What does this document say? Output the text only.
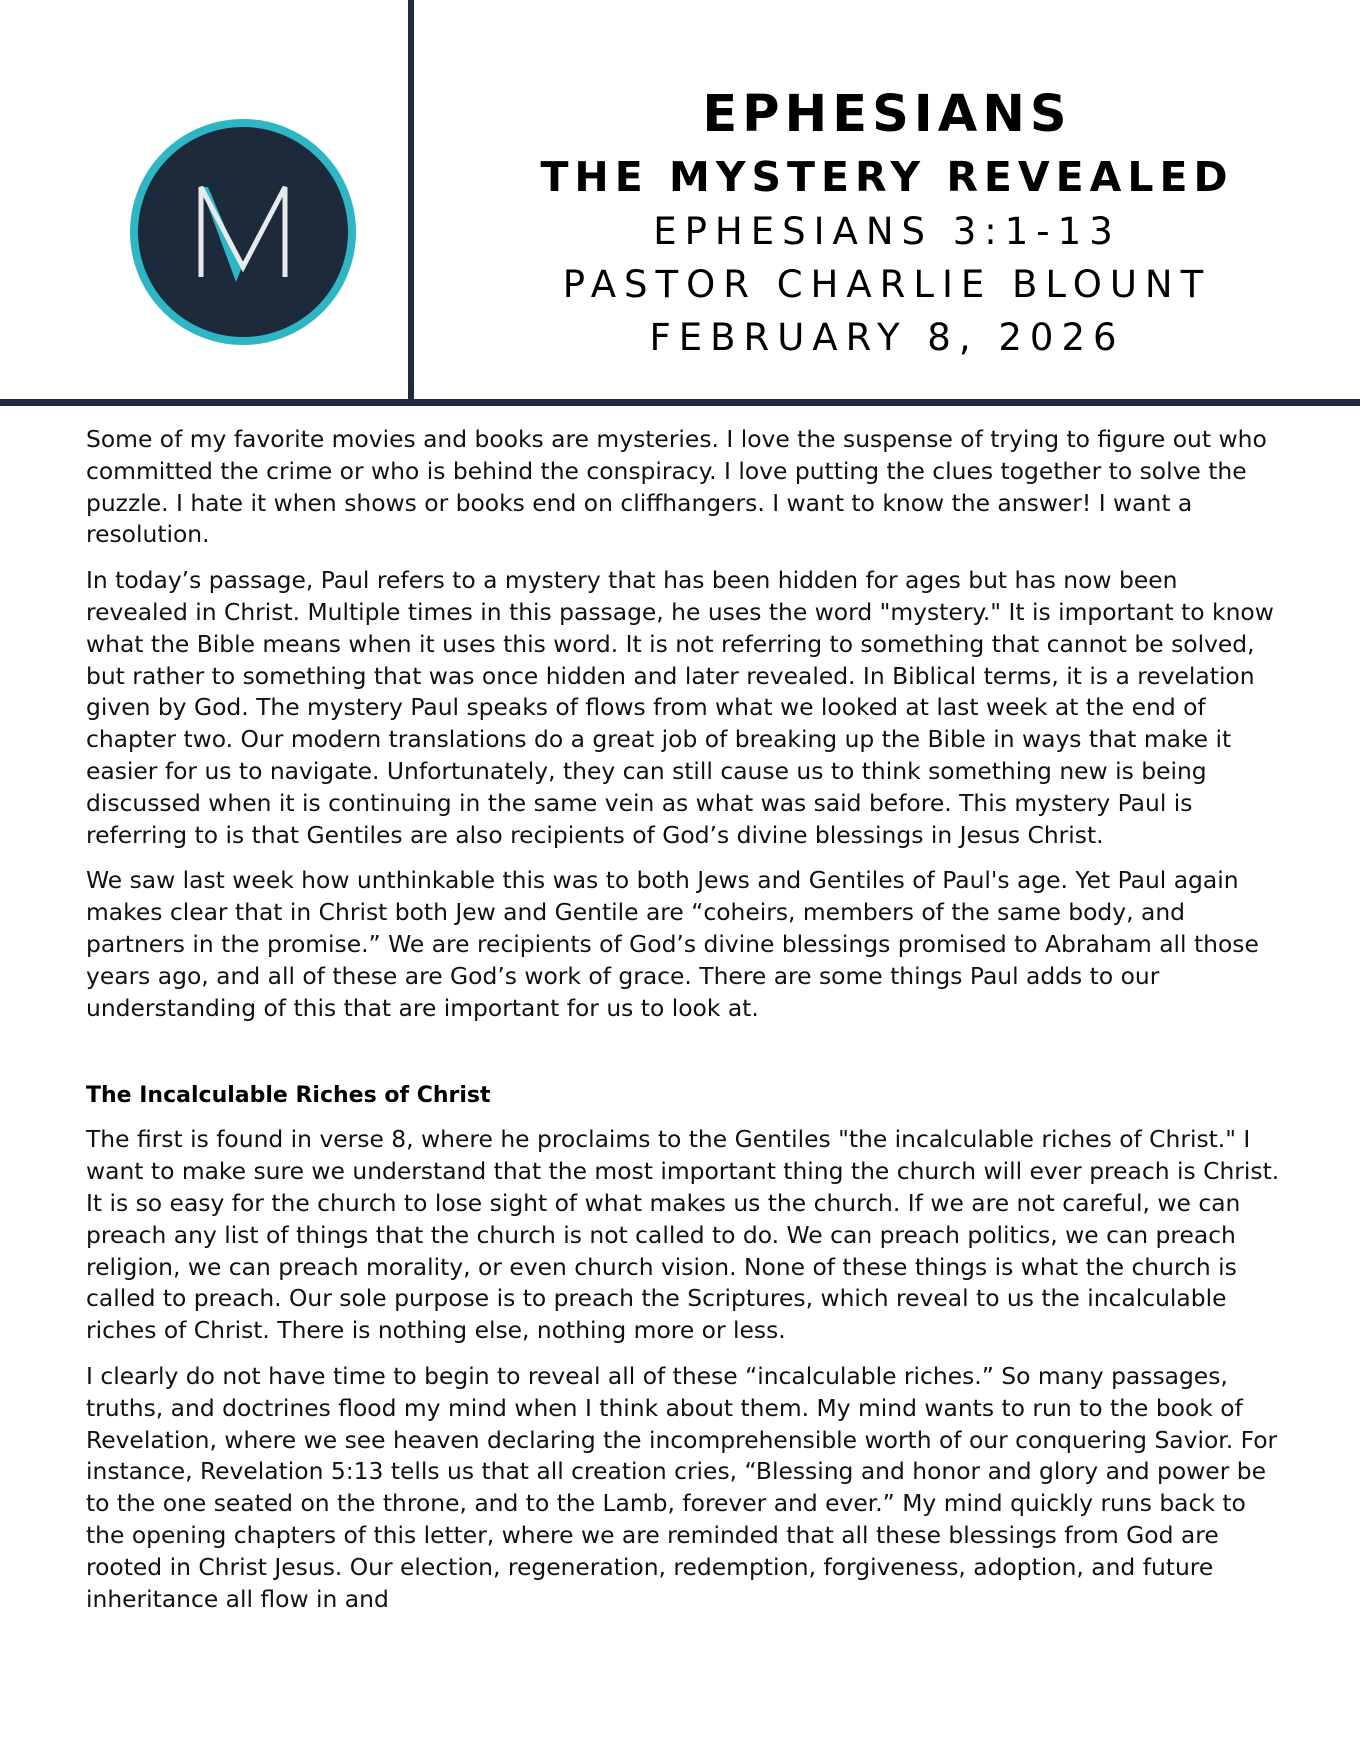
EPHESIANS
THE MYSTERY REVEALED
EPHESIANS 3:1-13
PASTOR CHARLIE BLOUNT
FEBRUARY 8, 2026

Some of my favorite movies and books are mysteries. I love the suspense of trying to figure out who committed the crime or who is behind the conspiracy. I love putting the clues together to solve the puzzle. I hate it when shows or books end on cliffhangers. I want to know the answer! I want a resolution.

In today’s passage, Paul refers to a mystery that has been hidden for ages but has now been revealed in Christ. Multiple times in this passage, he uses the word "mystery." It is important to know what the Bible means when it uses this word. It is not referring to something that cannot be solved, but rather to something that was once hidden and later revealed. In Biblical terms, it is a revelation given by God. The mystery Paul speaks of flows from what we looked at last week at the end of chapter two. Our modern translations do a great job of breaking up the Bible in ways that make it easier for us to navigate. Unfortunately, they can still cause us to think something new is being discussed when it is continuing in the same vein as what was said before. This mystery Paul is referring to is that Gentiles are also recipients of God’s divine blessings in Jesus Christ.

We saw last week how unthinkable this was to both Jews and Gentiles of Paul's age. Yet Paul again makes clear that in Christ both Jew and Gentile are “coheirs, members of the same body, and partners in the promise.” We are recipients of God’s divine blessings promised to Abraham all those years ago, and all of these are God’s work of grace. There are some things Paul adds to our understanding of this that are important for us to look at.

The Incalculable Riches of Christ

The first is found in verse 8, where he proclaims to the Gentiles "the incalculable riches of Christ." I want to make sure we understand that the most important thing the church will ever preach is Christ. It is so easy for the church to lose sight of what makes us the church. If we are not careful, we can preach any list of things that the church is not called to do. We can preach politics, we can preach religion, we can preach morality, or even church vision. None of these things is what the church is called to preach. Our sole purpose is to preach the Scriptures, which reveal to us the incalculable riches of Christ. There is nothing else, nothing more or less.

I clearly do not have time to begin to reveal all of these “incalculable riches.” So many passages, truths, and doctrines flood my mind when I think about them. My mind wants to run to the book of Revelation, where we see heaven declaring the incomprehensible worth of our conquering Savior. For instance, Revelation 5:13 tells us that all creation cries, “Blessing and honor and glory and power be to the one seated on the throne, and to the Lamb, forever and ever.” My mind quickly runs back to the opening chapters of this letter, where we are reminded that all these blessings from God are rooted in Christ Jesus. Our election, regeneration, redemption, forgiveness, adoption, and future inheritance all flow in and
